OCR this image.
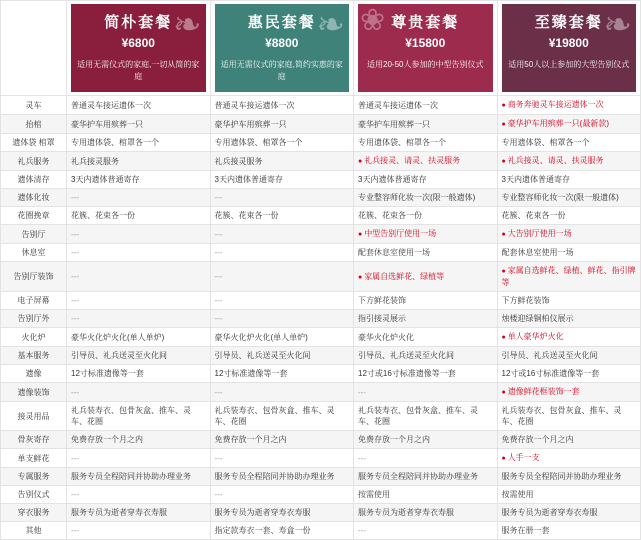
❧
简朴套餐
¥6800
适用无需仪式的家庭,一切从简的家庭

❧
惠民套餐
¥8800
适用无需仪式的家庭,简约实惠的家庭

❀ 尊贵套餐
¥15800
适用20-50人参加的中型告别仪式

❧
至臻套餐
¥19800
适用50人以上参加的大型告别仪式

灵车	普通灵车接运遗体一次	普通灵车接运遗体一次	普通灵车接运遗体一次	● 商务奔驰灵车接运遗体一次
抬棺	豪华护车用殡葬一只	豪华护车用殡葬一只	豪华护车用殡葬一只	● 豪华护车用殡葬一只(最新款)
遗体袋 棺罩	专用遗体袋、棺罩各一个	专用遗体袋、棺罩各一个	专用遗体袋、棺罩各一个	专用遗体袋、棺罩各一个
礼兵服务	礼兵接灵服务	礼兵接灵服务	● 礼兵接灵、请灵、扶灵服务	● 礼兵接灵、请灵、扶灵服务
遗体清存	3天内遗体普通寄存	3天内遗体普通寄存	3天内遗体普通寄存	3天内遗体普通寄存
遗体化妆	---	---	专业整容师化妆一次(限一般遗体)	专业整容师化妆一次(限一般遗体)
花圈挽章	花簇、花束各一份	花簇、花束各一份	花簇、花束各一份	花簇、花束各一份
告别厅	---	---	● 中型告别厅使用一场	● 大告别厅使用一场
休息室	---	---	配套休息室使用一场	配套休息室使用一场
告别厅装饰	---	---	● 家属自选鲜花、绿植等	● 家属自选鲜花、绿植、鲜花、指引牌等
电子屏幕	---	---	下方鲜花装饰	下方鲜花装饰
告别厅外	---	---	指引接灵展示	烛楼迎绿铜柏仪展示
火化炉	豪华火化炉火化(单人单炉)	豪华火化炉火化(单人单炉)	豪华火化炉火化	● 单人豪华炉火化
基本服务	引导员、礼兵送灵至火化间	引导员、礼兵送灵至火化间	引导员、礼兵送灵至火化间	引导员、礼兵送灵至火化间
遗像	12寸标准遗像等一套	12寸标准遗像等一套	12寸或16寸标准遗像等一套	12寸或16寸标准遗像等一套
遗像装饰	---	---	---	● 遗像鲜花框装饰一套
接灵用品	礼兵装寿衣、包骨灰盒、推车、灵车、花圈	礼兵装寿衣、包骨灰盒、推车、灵车、花圈	礼兵装寿衣、包骨灰盒、推车、灵车、花圈	礼兵装寿衣、包骨灰盒、推车、灵车、花圈
骨灰寄存	免费存放一个月之内	免费存放一个月之内	免费存放一个月之内	免费存放一个月之内
单支鲜花	---	---	---	● 人手一支
专属服务	服务专员全程陪同并协助办理业务	服务专员全程陪同并协助办理业务	服务专员全程陪同并协助办理业务	服务专员全程陪同并协助办理业务
告别仪式	---	---	按需使用	按需使用
穿衣服务	服务专员为逝者穿寿衣寿服	服务专员为逝者穿寿衣寿服	服务专员为逝者穿寿衣寿服	服务专员为逝者穿寿衣寿服
其他	---	指定款寿衣一套、寿盒一份	---	服务在册一套
